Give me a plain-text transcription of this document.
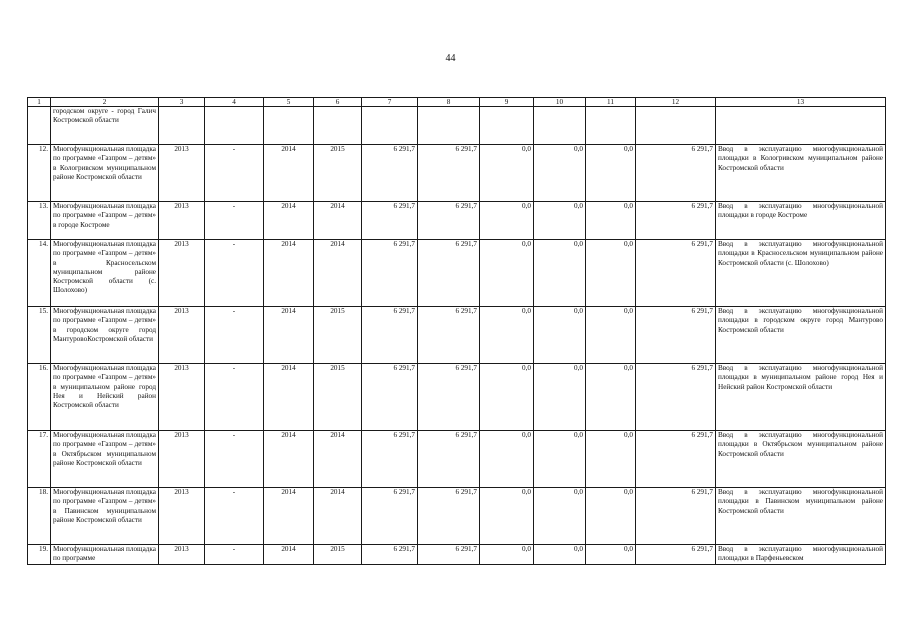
44
1	2	3	4	5	6	7	8	9	10	11	12	13
	городском округе - город Галич Костромской области											
12.	Многофункциональная площадка по программе «Газпром – детям» в Кологривском муниципальном районе Костромской области	2013	-	2014	2015	6 291,7	6 291,7	0,0	0,0	0,0	6 291,7	Ввод в эксплуатацию многофункциональной площадки в Кологривском муниципальном районе Костромской области
13.	Многофункциональная площадка по программе «Газпром – детям» в городе Костроме	2013	-	2014	2014	6 291,7	6 291,7	0,0	0,0	0,0	6 291,7	Ввод в эксплуатацию многофункциональной площадки в городе Костроме
14.	Многофункциональная площадка по программе «Газпром – детям» в Красносельском муниципальном районе Костромской области (с. Шолохово)	2013	-	2014	2014	6 291,7	6 291,7	0,0	0,0	0,0	6 291,7	Ввод в эксплуатацию многофункциональной площадки в Красносельском муниципальном районе Костромской области (с. Шолохово)
15.	Многофункциональная площадка по программе «Газпром – детям» в городском округе город МантуровоКостромской области	2013	-	2014	2015	6 291,7	6 291,7	0,0	0,0	0,0	6 291,7	Ввод в эксплуатацию многофункциональной площадки в городском округе город Мантурово Костромской области
16.	Многофункциональная площадка по программе «Газпром – детям» в муниципальном районе город Нея и Нейский район Костромской области	2013	-	2014	2015	6 291,7	6 291,7	0,0	0,0	0,0	6 291,7	Ввод в эксплуатацию многофункциональной площадки в муниципальном районе город Нея и Нейский район Костромской области
17.	Многофункциональная площадка по программе «Газпром – детям» в Октябрьском муниципальном районе Костромской области	2013	-	2014	2014	6 291,7	6 291,7	0,0	0,0	0,0	6 291,7	Ввод в эксплуатацию многофункциональной площадки в Октябрьском муниципальном районе Костромской области
18.	Многофункциональная площадка по программе «Газпром – детям» в Павинском муниципальном районе Костромской области	2013	-	2014	2014	6 291,7	6 291,7	0,0	0,0	0,0	6 291,7	Ввод в эксплуатацию многофункциональной площадки в Павинском муниципальном районе Костромской области
19.	Многофункциональная площадка по программе	2013	-	2014	2015	6 291,7	6 291,7	0,0	0,0	0,0	6 291,7	Ввод в эксплуатацию многофункциональной площадки в Парфеньевском
